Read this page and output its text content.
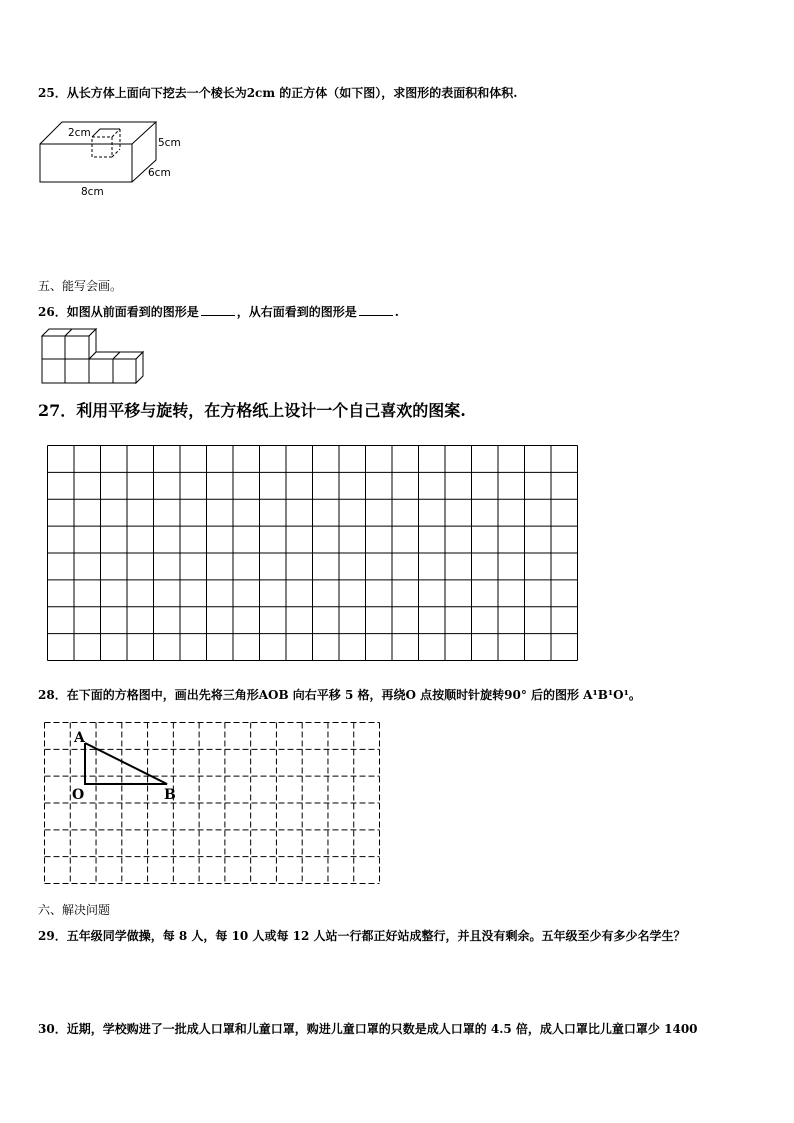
25．从长方体上面向下挖去一个棱长为2cm 的正方体（如下图），求图形的表面积和体积.
2cm
5cm
6cm
8cm
五、能写会画。
26．如图从前面看到的图形是	，从右面看到的图形是	.
27．利用平移与旋转，在方格纸上设计一个自己喜欢的图案.
28．在下面的方格图中，画出先将三角形AOB 向右平移 5 格，再绕O 点按顺时针旋转90° 后的图形 A¹B¹O¹。
A
O	B
六、解决问题
29．五年级同学做操，每 8 人，每 10 人或每 12 人站一行都正好站成整行，并且没有剩余。五年级至少有多少名学生？
30．近期，学校购进了一批成人口罩和儿童口罩，购进儿童口罩的只数是成人口罩的 4.5 倍，成人口罩比儿童口罩少 1400
